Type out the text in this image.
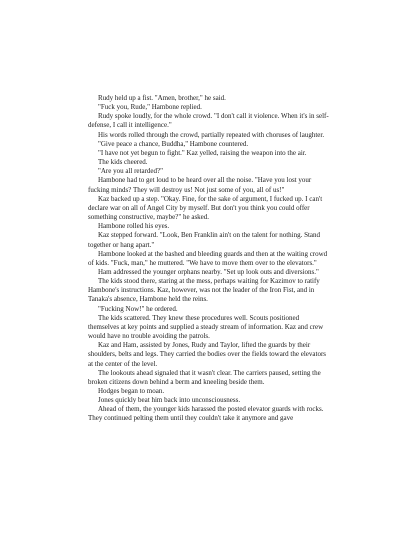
Rudy held up a fist. "Amen, brother," he said.

"Fuck you, Rude," Hambone replied.

Rudy spoke loudly, for the whole crowd. "I don't call it violence. When it's in self-defense, I call it intelligence."

His words rolled through the crowd, partially repeated with choruses of laughter.

"Give peace a chance, Buddha," Hambone countered.

"I have not yet begun to fight." Kaz yelled, raising the weapon into the air.

The kids cheered.

"Are you all retarded?"

Hambone had to get loud to be heard over all the noise. "Have you lost your fucking minds? They will destroy us! Not just some of you, all of us!"

Kaz backed up a step. "Okay. Fine, for the sake of argument, I fucked up. I can't declare war on all of Angel City by myself. But don't you think you could offer something constructive, maybe?" he asked.

Hambone rolled his eyes.

Kaz stepped forward. "Look, Ben Franklin ain't on the talent for nothing. Stand together or hang apart."

Hambone looked at the bashed and bleeding guards and then at the waiting crowd of kids. "Fuck, man," he muttered. "We have to move them over to the elevators."

Ham addressed the younger orphans nearby. "Set up look outs and diversions."

The kids stood there, staring at the mess, perhaps waiting for Kazimov to ratify Hambone's instructions. Kaz, however, was not the leader of the Iron Fist, and in Tanaka's absence, Hambone held the reins.

"Fucking Now!" he ordered.

The kids scattered. They knew these procedures well. Scouts positioned themselves at key points and supplied a steady stream of information. Kaz and crew would have no trouble avoiding the patrols.

Kaz and Ham, assisted by Jones, Rudy and Taylor, lifted the guards by their shoulders, belts and legs. They carried the bodies over the fields toward the elevators at the center of the level.

The lookouts ahead signaled that it wasn't clear. The carriers paused, setting the broken citizens down behind a berm and kneeling beside them.

Hodges began to moan.

Jones quickly beat him back into unconsciousness.

Ahead of them, the younger kids harassed the posted elevator guards with rocks. They continued pelting them until they couldn't take it anymore and gave
